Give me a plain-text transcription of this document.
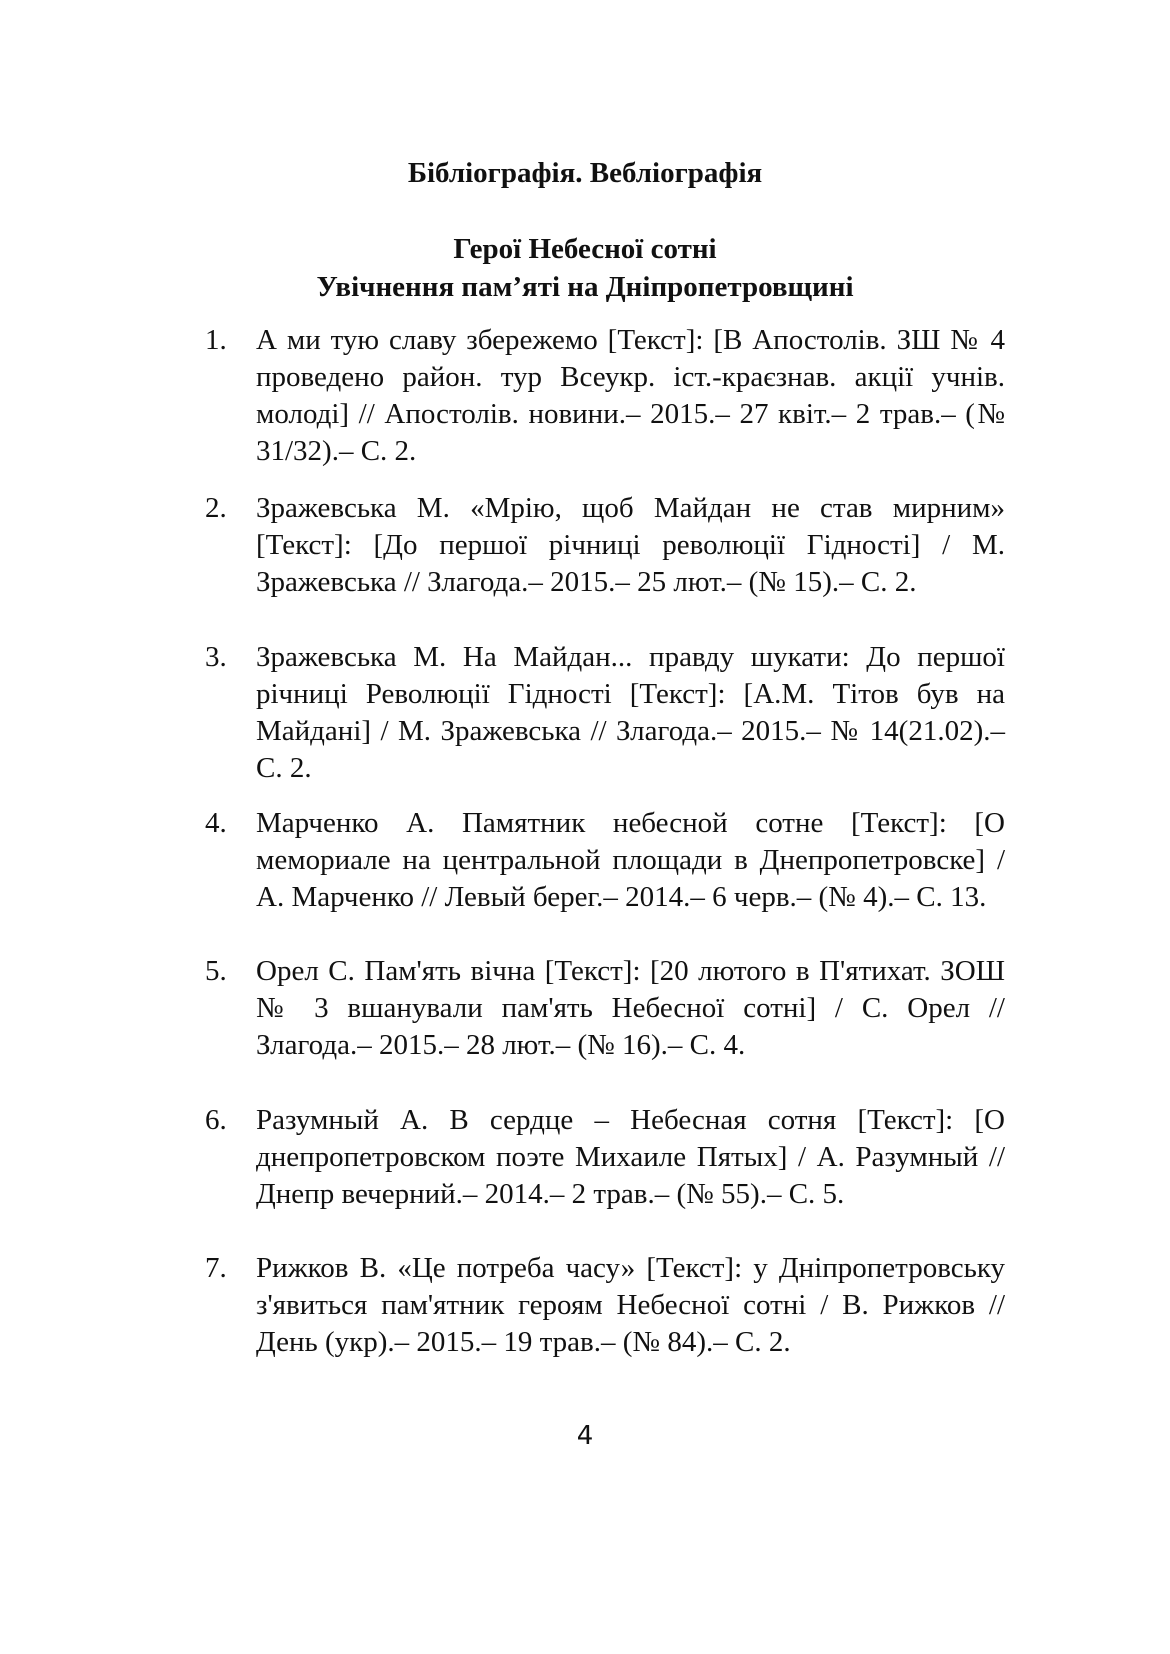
Бібліографія. Вебліографія
Герої Небесної сотні
Увічнення пам’яті на Дніпропетровщині
1.	А ми тую славу збережемо [Текст]: [В Апостолів. ЗШ № 4 проведено район. тур Всеукр. іст.-краєзнав. акції учнів. молоді] // Апостолів. новини.– 2015.– 27 квіт.– 2 трав.– (№ 31/32).– С. 2.
2.	Зражевська М. «Мрію, щоб Майдан не став мирним» [Текст]: [До першої річниці революції Гідності] / М. Зражевська // Злагода.– 2015.– 25 лют.– (№ 15).– С. 2.
3.	Зражевська М. На Майдан... правду шукати: До першої річниці Революції Гідності [Текст]: [А.М. Тітов був на Майдані] / М. Зражевська // Злагода.– 2015.– № 14(21.02).– С. 2.
4.	Марченко А. Памятник небесной сотне [Текст]: [О мемориале на центральной площади в Днепропетровске] / А. Марченко // Левый берег.– 2014.– 6 черв.– (№ 4).– С. 13.
5.	Орел С. Пам'ять вічна [Текст]: [20 лютого в П'ятихат. ЗОШ № 3 вшанували пам'ять Небесної сотні] / С. Орел // Злагода.– 2015.– 28 лют.– (№ 16).– С. 4.
6.	Разумный А. В сердце – Небесная сотня [Текст]: [О днепропетровском поэте Михаиле Пятых] / А. Разумный // Днепр вечерний.– 2014.– 2 трав.– (№ 55).– С. 5.
7.	Рижков В. «Це потреба часу» [Текст]: у Дніпропетровську з'явиться пам'ятник героям Небесної сотні / В. Рижков // День (укр).– 2015.– 19 трав.– (№ 84).– С. 2.
4
